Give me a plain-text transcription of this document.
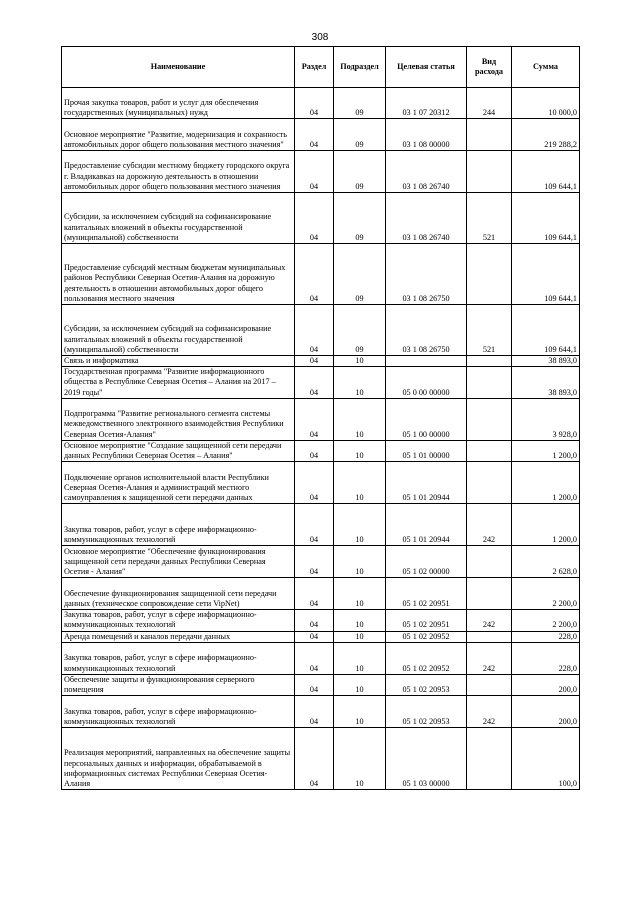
308
Наименование	Раздел	Подраздел	Целевая статья	Вид расхода	Сумма
Прочая закупка товаров, работ и услуг для обеспечения государственных (муниципальных) нужд	04	09	03 1 07 20312	244	10 000,0
Основное мероприятие "Развитие, модернизация и сохранность автомобильных дорог общего пользования местного значения"	04	09	03 1 08 00000		219 288,2
Предоставление субсидии местному бюджету городского округа г. Владикавказ на дорожную деятельность в отношении автомобильных дорог общего пользования местного значения	04	09	03 1 08 26740		109 644,1
Субсидии, за исключением субсидий на софинансирование капитальных вложений в объекты государственной (муниципальной) собственности	04	09	03 1 08 26740	521	109 644,1
Предоставление субсидий местным бюджетам муниципальных районов Республики Северная Осетия-Алания на дорожную деятельность в отношении автомобильных дорог общего пользования местного значения	04	09	03 1 08 26750		109 644,1
Субсидии, за исключением субсидий на софинансирование капитальных вложений в объекты государственной (муниципальной) собственности	04	09	03 1 08 26750	521	109 644,1
Связь и информатика	04	10			38 893,0
Государственная программа "Развитие информационного общества в Республике Северная Осетия – Алания на 2017 – 2019 годы"	04	10	05 0 00 00000		38 893,0
Подпрограмма "Развитие регионального сегмента системы межведомственного электронного взаимодействия Республики Северная Осетия-Алания"	04	10	05 1 00 00000		3 928,0
Основное мероприятие "Создание защищенной сети передачи данных Республики Северная Осетия – Алания"	04	10	05 1 01 00000		1 200,0
Подключение органов исполнительной власти Республики Северная Осетия-Алания и администраций местного самоуправления к защищенной сети передачи данных	04	10	05 1 01 20944		1 200,0
Закупка товаров, работ, услуг в сфере информационно-коммуникационных технологий	04	10	05 1 01 20944	242	1 200,0
Основное мероприятие "Обеспечение функционирования защищенной сети передачи данных Республики Северная Осетия - Алания"	04	10	05 1 02 00000		2 628,0
Обеспечение функционирования защищенной сети передачи данных (техническое сопровождение сети VipNet)	04	10	05 1 02 20951		2 200,0
Закупка товаров, работ, услуг в сфере информационно-коммуникационных технологий	04	10	05 1 02 20951	242	2 200,0
Аренда помещений и каналов передачи данных	04	10	05 1 02 20952		228,0
Закупка товаров, работ, услуг в сфере информационно-коммуникационных технологий	04	10	05 1 02 20952	242	228,0
Обеспечение защиты и функционирования серверного помещения	04	10	05 1 02 20953		200,0
Закупка товаров, работ, услуг в сфере информационно-коммуникационных технологий	04	10	05 1 02 20953	242	200,0
Реализация мероприятий, направленных на обеспечение защиты персональных данных и информации, обрабатываемой в информационных системах Республики Северная Осетия-Алания	04	10	05 1 03 00000		100,0
